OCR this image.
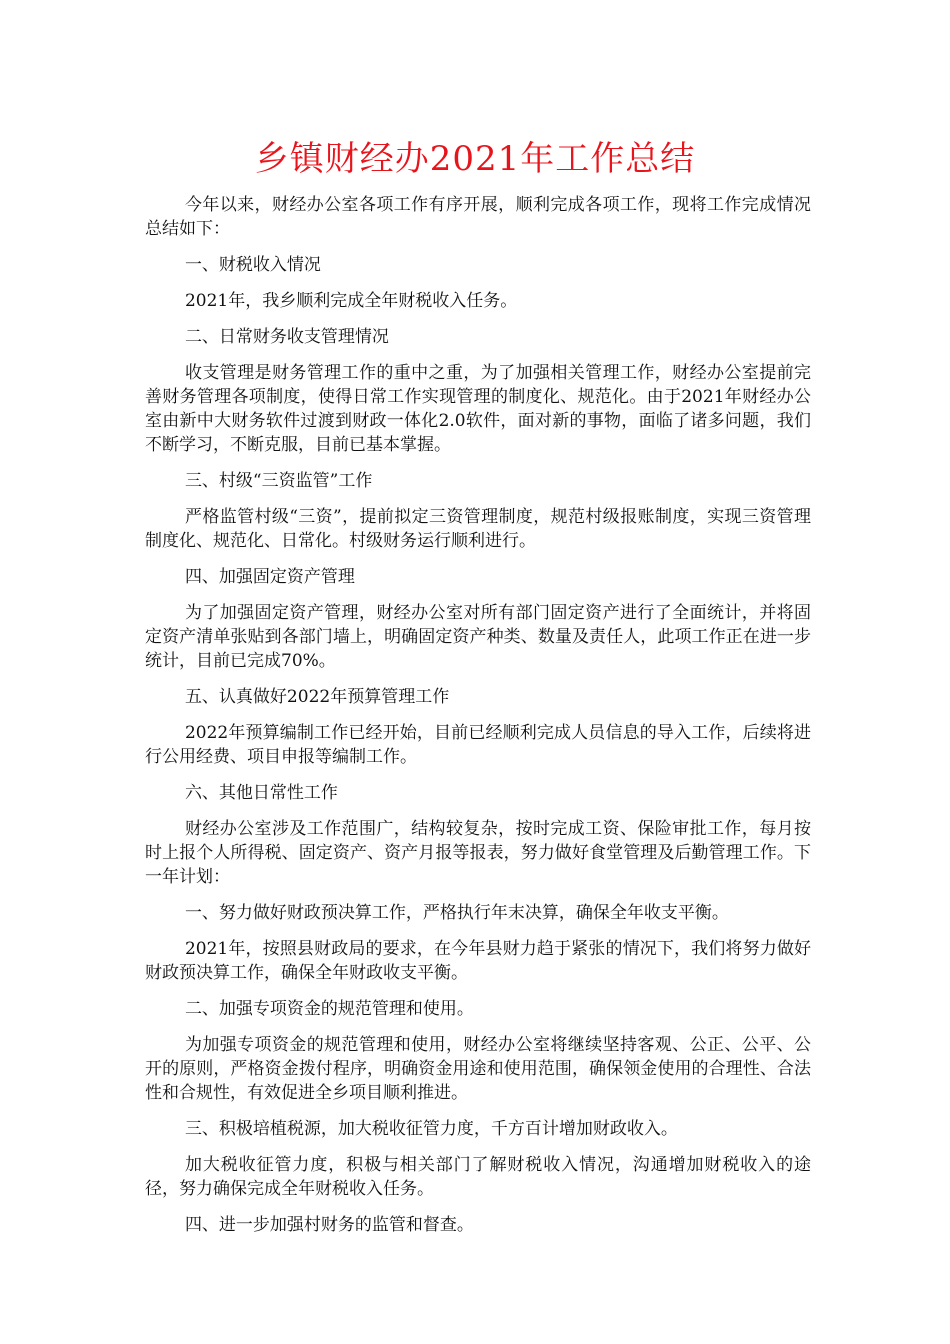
乡镇财经办2021年工作总结

今年以来，财经办公室各项工作有序开展，顺利完成各项工作，现将工作完成情况总结如下：

一、财税收入情况

2021年，我乡顺利完成全年财税收入任务。

二、日常财务收支管理情况

收支管理是财务管理工作的重中之重，为了加强相关管理工作，财经办公室提前完善财务管理各项制度，使得日常工作实现管理的制度化、规范化。由于2021年财经办公室由新中大财务软件过渡到财政一体化2.0软件，面对新的事物，面临了诸多问题，我们不断学习，不断克服，目前已基本掌握。

三、村级“三资监管”工作

严格监管村级“三资”，提前拟定三资管理制度，规范村级报账制度，实现三资管理制度化、规范化、日常化。村级财务运行顺利进行。

四、加强固定资产管理

为了加强固定资产管理，财经办公室对所有部门固定资产进行了全面统计，并将固定资产清单张贴到各部门墙上，明确固定资产种类、数量及责任人，此项工作正在进一步统计，目前已完成70%。

五、认真做好2022年预算管理工作

2022年预算编制工作已经开始，目前已经顺利完成人员信息的导入工作，后续将进行公用经费、项目申报等编制工作。

六、其他日常性工作

财经办公室涉及工作范围广，结构较复杂，按时完成工资、保险审批工作，每月按时上报个人所得税、固定资产、资产月报等报表，努力做好食堂管理及后勤管理工作。下一年计划：

一、努力做好财政预决算工作，严格执行年末决算，确保全年收支平衡。

2021年，按照县财政局的要求，在今年县财力趋于紧张的情况下，我们将努力做好财政预决算工作，确保全年财政收支平衡。

二、加强专项资金的规范管理和使用。

为加强专项资金的规范管理和使用，财经办公室将继续坚持客观、公正、公平、公开的原则，严格资金拨付程序，明确资金用途和使用范围，确保领金使用的合理性、合法性和合规性，有效促进全乡项目顺利推进。

三、积极培植税源，加大税收征管力度，千方百计增加财政收入。

加大税收征管力度，积极与相关部门了解财税收入情况，沟通增加财税收入的途径，努力确保完成全年财税收入任务。

四、进一步加强村财务的监管和督查。
